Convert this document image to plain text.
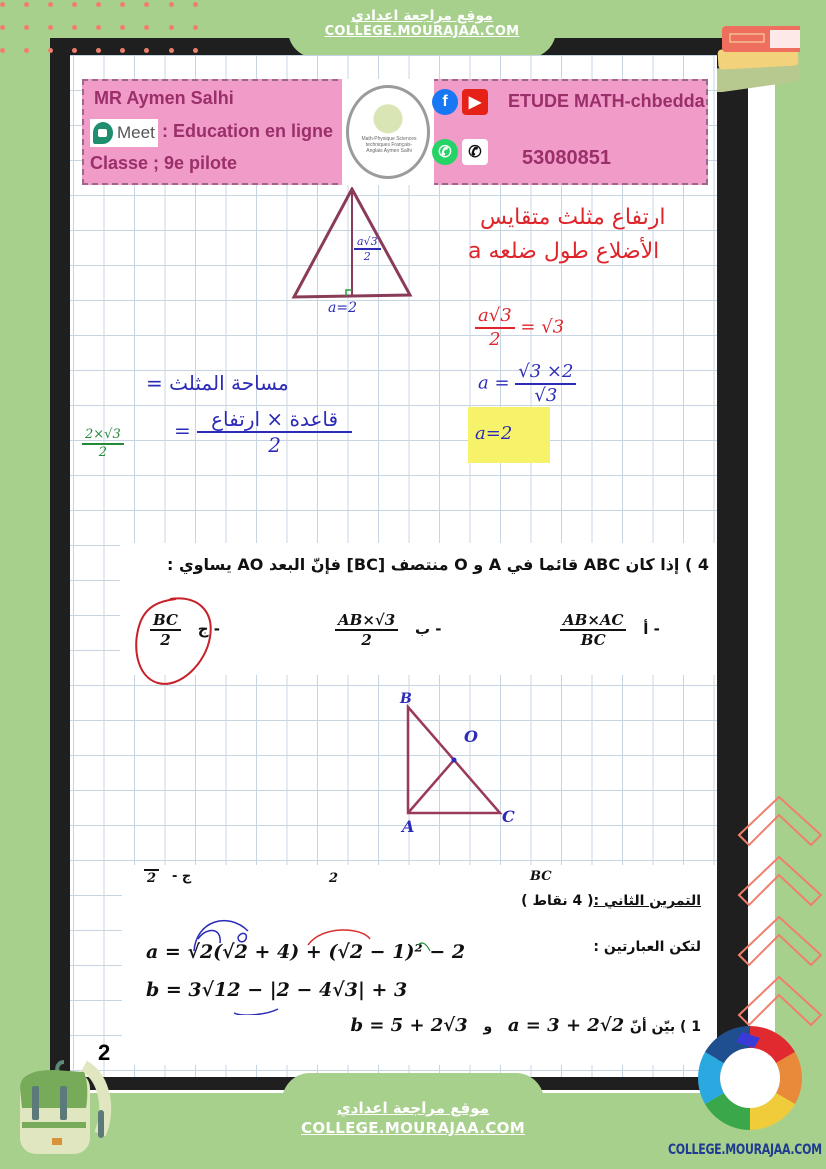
موقع مراجعة اعدادي
COLLEGE.MOURAJAA.COM
MR Aymen Salhi
Meet : Education en ligne
Classe ; 9e pilote
Math-Physique Sciences techniques Français-Anglais Aymen Salhi
f	▶	ETUDE MATH-chbedda
✆	✆	53080851
$\frac{a√3}{2}$
a=2
ارتفاع مثلث متقايس
الأضلاع طول ضلعه a
$\frac{a√3}{2} = √3$
$a = \frac{√3 \times 2}{√3}$
a=2
مساحة المثلث =
= $\frac{\text{قاعدة × ارتفاع}}{2}$
$\frac{2\times√3}{2}$
4 ) إذا كان ABC قائما في A و O منتصف [BC] فإنّ البعد AO يساوي :
$\frac{AB\times AC}{BC}$ أ -
$\frac{AB\times√3}{2}$ ب -
$\frac{BC}{2}$ ج -
B
O
A
C
2 ج -	2	BC
التمرين الثاني :( 4 نقاط )
لتكن العبارتين :
a = √2(√2 + 4) + (√2 − 1)² − 2
b = 3√12 − |2 − 4√3| + 3
1 ) بيّن أنّ a = 3 + 2√2 و b = 5 + 2√3
2
موقع مراجعة اعدادي
COLLEGE.MOURAJAA.COM
COLLEGE.MOURAJAA.COM
